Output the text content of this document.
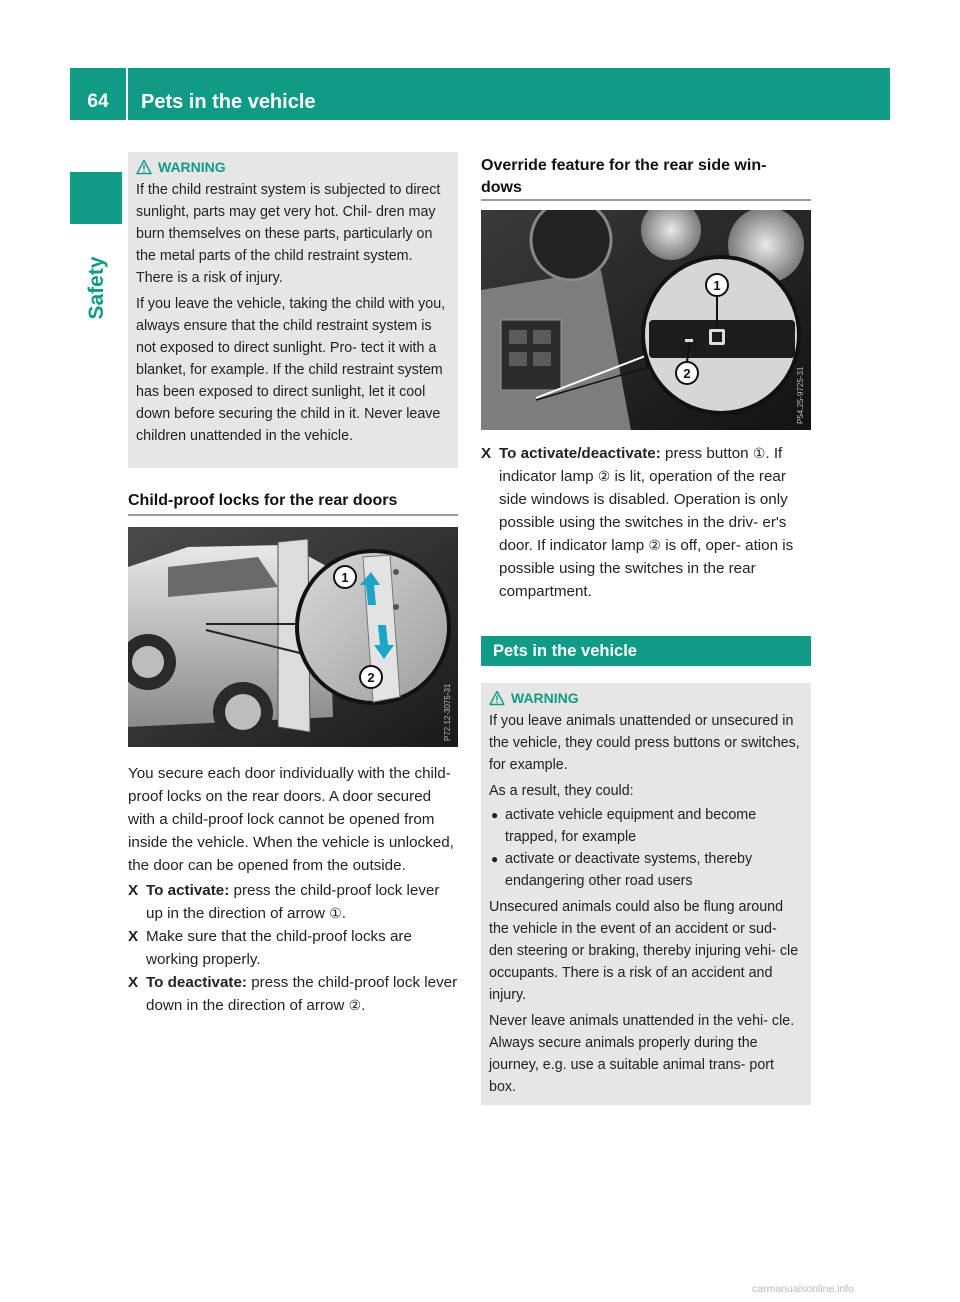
64	Pets in the vehicle
Safety
WARNING

If the child restraint system is subjected to direct sunlight, parts may get very hot. Chil- dren may burn themselves on these parts, particularly on the metal parts of the child restraint system. There is a risk of injury.

If you leave the vehicle, taking the child with you, always ensure that the child restraint system is not exposed to direct sunlight. Pro- tect it with a blanket, for example. If the child restraint system has been exposed to direct sunlight, let it cool down before securing the child in it. Never leave children unattended in the vehicle.

Child-proof locks for the rear doors
1
2
P72.12-3075-31

You secure each door individually with the child-proof locks on the rear doors. A door secured with a child-proof lock cannot be opened from inside the vehicle. When the vehicle is unlocked, the door can be opened from the outside.

X To activate: press the child-proof lock lever up in the direction of arrow ①.
X Make sure that the child-proof locks are working properly.
X To deactivate: press the child-proof lock lever down in the direction of arrow ②.
Override feature for the rear side win- dows
1
2	P54.25-9725-31
X To activate/deactivate: press button ①. If indicator lamp ② is lit, operation of the rear side windows is disabled. Operation is only possible using the switches in the driv- er's door. If indicator lamp ② is off, oper- ation is possible using the switches in the rear compartment.
Pets in the vehicle
WARNING

If you leave animals unattended or unsecured in the vehicle, they could press buttons or switches, for example.

As a result, they could:

● activate vehicle equipment and become trapped, for example
● activate or deactivate systems, thereby endangering other road users

Unsecured animals could also be flung around the vehicle in the event of an accident or sud- den steering or braking, thereby injuring vehi- cle occupants. There is a risk of an accident and injury.

Never leave animals unattended in the vehi- cle. Always secure animals properly during the journey, e.g. use a suitable animal trans- port box.

carmanualsonline.info
